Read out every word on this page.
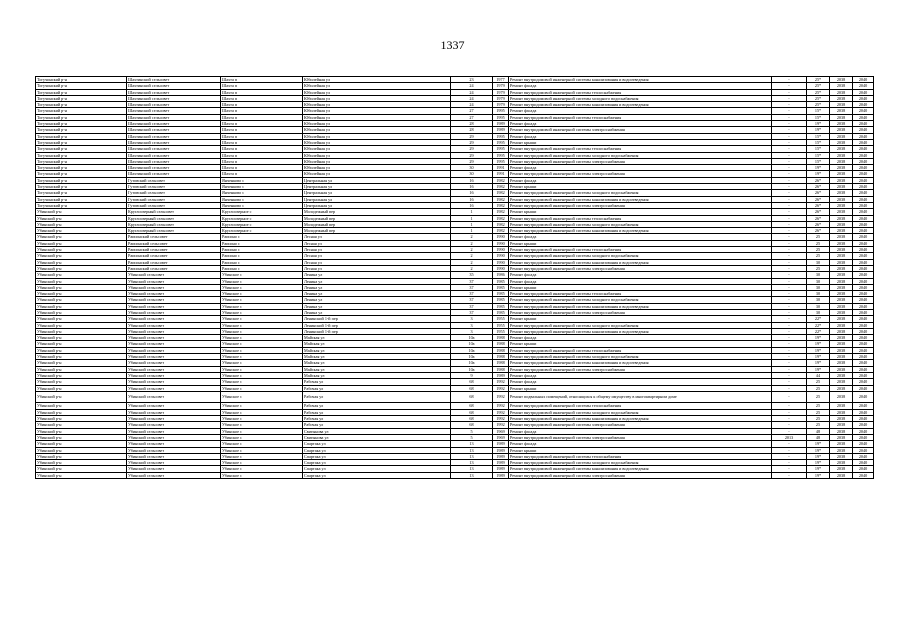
1337
Тогучинский р-н	Шахтинский сельсовет	Шахта п	Юбилейная ул	23	1977	Ремонт внутридомовой инженерной системы канализования и водоотведения	-	25*	2038	2040
Тогучинский р-н	Шахтинский сельсовет	Шахта п	Юбилейная ул	24	1979	Ремонт фасада	-	25*	2038	2040
Тогучинский р-н	Шахтинский сельсовет	Шахта п	Юбилейная ул	24	1979	Ремонт внутридомовой инженерной системы теплоснабжения	-	25*	2038	2040
Тогучинский р-н	Шахтинский сельсовет	Шахта п	Юбилейная ул	24	1979	Ремонт внутридомовой инженерной системы холодного водоснабжения	-	25*	2038	2040
Тогучинский р-н	Шахтинский сельсовет	Шахта п	Юбилейная ул	24	1979	Ремонт внутридомовой инженерной системы канализования и водоотведения	-	25*	2038	2040
Тогучинский р-н	Шахтинский сельсовет	Шахта п	Юбилейная ул	27	1995	Ремонт фасада	-	15*	2038	2040
Тогучинский р-н	Шахтинский сельсовет	Шахта п	Юбилейная ул	27	1995	Ремонт внутридомовой инженерной системы теплоснабжения	-	15*	2038	2040
Тогучинский р-н	Шахтинский сельсовет	Шахта п	Юбилейная ул	28	1989	Ремонт фасада	-	19*	2038	2040
Тогучинский р-н	Шахтинский сельсовет	Шахта п	Юбилейная ул	28	1989	Ремонт внутридомовой инженерной системы электроснабжения	-	19*	2038	2040
Тогучинский р-н	Шахтинский сельсовет	Шахта п	Юбилейная ул	29	1995	Ремонт фасада	-	15*	2038	2040
Тогучинский р-н	Шахтинский сельсовет	Шахта п	Юбилейная ул	29	1995	Ремонт крыши	-	15*	2038	2040
Тогучинский р-н	Шахтинский сельсовет	Шахта п	Юбилейная ул	29	1995	Ремонт внутридомовой инженерной системы теплоснабжения	-	15*	2038	2040
Тогучинский р-н	Шахтинский сельсовет	Шахта п	Юбилейная ул	29	1995	Ремонт внутридомовой инженерной системы холодного водоснабжения	-	15*	2038	2040
Тогучинский р-н	Шахтинский сельсовет	Шахта п	Юбилейная ул	29	1995	Ремонт внутридомовой инженерной системы электроснабжения	-	15*	2038	2040
Тогучинский р-н	Шахтинский сельсовет	Шахта п	Юбилейная ул	30	1991	Ремонт фасада	-	19*	2038	2040
Тогучинский р-н	Шахтинский сельсовет	Шахта п	Юбилейная ул	30	1991	Ремонт внутридомовой инженерной системы электроснабжения	-	19*	2038	2040
Тогучинский р-н	Гутовский сельсовет	Янченково с	Центральная ул	16	1982	Ремонт фасада	-	26*	2038	2040
Тогучинский р-н	Гутовский сельсовет	Янченково с	Центральная ул	16	1982	Ремонт крыши	-	26*	2038	2040
Тогучинский р-н	Гутовский сельсовет	Янченково с	Центральная ул	16	1982	Ремонт внутридомовой инженерной системы холодного водоснабжения	-	26*	2038	2040
Тогучинский р-н	Гутовский сельсовет	Янченково с	Центральная ул	16	1982	Ремонт внутридомовой инженерной системы канализования и водоотведения	-	26*	2038	2040
Тогучинский р-н	Гутовский сельсовет	Янченково с	Центральная ул	16	1982	Ремонт внутридомовой инженерной системы электроснабжения	-	26*	2038	2040
Убинский р-н	Круглоозерный сельсовет	Круглоозерное с	Молодежный пер	1	1982	Ремонт крыши	-	26*	2038	2040
Убинский р-н	Круглоозерный сельсовет	Круглоозерное с	Молодежный пер	1	1982	Ремонт внутридомовой инженерной системы теплоснабжения	-	26*	2038	2040
Убинский р-н	Круглоозерный сельсовет	Круглоозерное с	Молодежный пер	1	1982	Ремонт внутридомовой инженерной системы холодного водоснабжения	-	26*	2038	2040
Убинский р-н	Круглоозерный сельсовет	Круглоозерное с	Молодежный пер	1	1982	Ремонт внутридомовой инженерной системы канализования и водоотведения	-	26*	2038	2040
Убинский р-н	Раисинский сельсовет	Раисино с	Лесная ул	2	1990	Ремонт фасада	-	25	2038	2040
Убинский р-н	Раисинский сельсовет	Раисино с	Лесная ул	2	1990	Ремонт крыши	-	25	2038	2040
Убинский р-н	Раисинский сельсовет	Раисино с	Лесная ул	2	1990	Ремонт внутридомовой инженерной системы теплоснабжения	-	25	2038	2040
Убинский р-н	Раисинский сельсовет	Раисино с	Лесная ул	2	1990	Ремонт внутридомовой инженерной системы холодного водоснабжения	-	25	2038	2040
Убинский р-н	Раисинский сельсовет	Раисино с	Лесная ул	2	1990	Ремонт внутридомовой инженерной системы канализования и водоотведения	-	30	2038	2040
Убинский р-н	Раисинский сельсовет	Раисино с	Лесная ул	2	1990	Ремонт внутридомовой инженерной системы электроснабжения	-	25	2038	2040
Убинский р-н	Убинский сельсовет	Убинское с	Ленина ул	35	1986	Ремонт фасада	-	30	2038	2040
Убинский р-н	Убинский сельсовет	Убинское с	Ленина ул	37	1985	Ремонт фасада	-	30	2038	2040
Убинский р-н	Убинский сельсовет	Убинское с	Ленина ул	37	1985	Ремонт крыши	-	30	2038	2040
Убинский р-н	Убинский сельсовет	Убинское с	Ленина ул	37	1985	Ремонт внутридомовой инженерной системы теплоснабжения	-	30	2038	2040
Убинский р-н	Убинский сельсовет	Убинское с	Ленина ул	37	1985	Ремонт внутридомовой инженерной системы холодного водоснабжения	-	30	2038	2040
Убинский р-н	Убинский сельсовет	Убинское с	Ленина ул	37	1985	Ремонт внутридомовой инженерной системы канализования и водоотведения	-	30	2038	2040
Убинский р-н	Убинский сельсовет	Убинское с	Ленина ул	37	1985	Ремонт внутридомовой инженерной системы электроснабжения	-	30	2038	2040
Убинский р-н	Убинский сельсовет	Убинское с	Ленинский 1-й пер	3	1955	Ремонт крыши	-	22*	2038	2040
Убинский р-н	Убинский сельсовет	Убинское с	Ленинский 1-й пер	3	1955	Ремонт внутридомовой инженерной системы холодного водоснабжения	-	22*	2038	2040
Убинский р-н	Убинский сельсовет	Убинское с	Ленинский 1-й пер	3	1955	Ремонт внутридомовой инженерной системы канализования и водоотведения	-	22*	2038	2040
Убинский р-н	Убинский сельсовет	Убинское с	Майская ул	10а	1988	Ремонт фасада	-	19*	2038	2040
Убинский р-н	Убинский сельсовет	Убинское с	Майская ул	10а	1988	Ремонт крыши	-	19*	2038	2040
Убинский р-н	Убинский сельсовет	Убинское с	Майская ул	10а	1988	Ремонт внутридомовой инженерной системы теплоснабжения	-	19*	2038	2040
Убинский р-н	Убинский сельсовет	Убинское с	Майская ул	10а	1988	Ремонт внутридомовой инженерной системы холодного водоснабжения	-	19*	2038	2040
Убинский р-н	Убинский сельсовет	Убинское с	Майская ул	10а	1988	Ремонт внутридомовой инженерной системы канализования и водоотведения	-	19*	2038	2040
Убинский р-н	Убинский сельсовет	Убинское с	Майская ул	10а	1988	Ремонт внутридомовой инженерной системы электроснабжения	-	19*	2038	2040
Убинский р-н	Убинский сельсовет	Убинское с	Майская ул	9	1989	Ремонт фасада	-	44	2038	2040
Убинский р-н	Убинский сельсовет	Убинское с	Рабочая ул	68	1992	Ремонт фасада	-	25	2038	2040
Убинский р-н	Убинский сельсовет	Убинское с	Рабочая ул	68	1992	Ремонт крыши	-	25	2038	2040
Убинский р-н	Убинский сельсовет	Убинское с	Рабочая ул	68	1992	Ремонт подвальных помещений, относящихся к общему имуществу в многоквартирном доме	-	25	2038	2040
Убинский р-н	Убинский сельсовет	Убинское с	Рабочая ул	68	1992	Ремонт внутридомовой инженерной системы теплоснабжения	-	25	2038	2040
Убинский р-н	Убинский сельсовет	Убинское с	Рабочая ул	68	1992	Ремонт внутридомовой инженерной системы холодного водоснабжения	-	25	2038	2040
Убинский р-н	Убинский сельсовет	Убинское с	Рабочая ул	68	1992	Ремонт внутридомовой инженерной системы канализования и водоотведения	-	25	2038	2040
Убинский р-н	Убинский сельсовет	Убинское с	Рабочая ул	68	1992	Ремонт внутридомовой инженерной системы электроснабжения	-	25	2038	2040
Убинский р-н	Убинский сельсовет	Убинское с	Святынова ул	5	1969	Ремонт фасада	-	48	2038	2040
Убинский р-н	Убинский сельсовет	Убинское с	Святынова ул	5	1969	Ремонт внутридомовой инженерной системы электроснабжения	2013	48	2038	2040
Убинский р-н	Убинский сельсовет	Убинское с	Спартака ул	13	1989	Ремонт фасада	-	19*	2038	2040
Убинский р-н	Убинский сельсовет	Убинское с	Спартака ул	13	1989	Ремонт крыши	-	19*	2038	2040
Убинский р-н	Убинский сельсовет	Убинское с	Спартака ул	13	1989	Ремонт внутридомовой инженерной системы теплоснабжения	-	19*	2038	2040
Убинский р-н	Убинский сельсовет	Убинское с	Спартака ул	13	1989	Ремонт внутридомовой инженерной системы холодного водоснабжения	-	19*	2038	2040
Убинский р-н	Убинский сельсовет	Убинское с	Спартака ул	13	1989	Ремонт внутридомовой инженерной системы канализования и водоотведения	-	19*	2038	2040
Убинский р-н	Убинский сельсовет	Убинское с	Спартака ул	13	1989	Ремонт внутридомовой инженерной системы электроснабжения	-	19*	2038	2040
